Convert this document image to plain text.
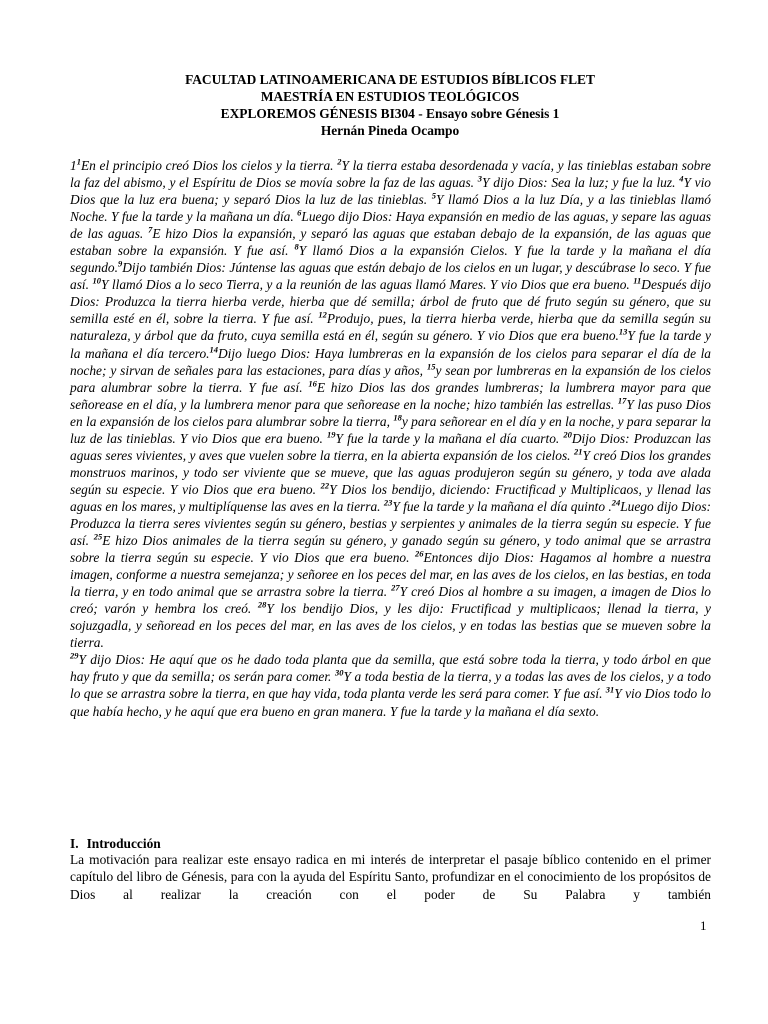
FACULTAD LATINOAMERICANA DE ESTUDIOS BÍBLICOS FLET
MAESTRÍA EN ESTUDIOS TEOLÓGICOS
EXPLOREMOS GÉNESIS BI304 - Ensayo sobre Génesis 1
Hernán Pineda Ocampo

$1^1En$ el principio creó Dios los cielos y la tierra. $^2$Y la tierra estaba desordenada y vacía, y las tinieblas estaban sobre la faz del abismo, y el Espíritu de Dios se movía sobre la faz de las aguas. $^3$Y dijo Dios: Sea la luz; y fue la luz. $^4$Y vio Dios que la luz era buena; y separó Dios la luz de las tinieblas. $^5$Y llamó Dios a la luz Día, y a las tinieblas llamó Noche. Y fue la tarde y la mañana un día. $^6$Luego dijo Dios: Haya expansión en medio de las aguas, y separe las aguas de las aguas. $^7$E hizo Dios la expansión, y separó las aguas que estaban debajo de la expansión, de las aguas que estaban sobre la expansión. Y fue así. $^8$Y llamó Dios a la expansión Cielos. Y fue la tarde y la mañana el día segundo.$^9$Dijo también Dios: Júntense las aguas que están debajo de los cielos en un lugar, y descúbrase lo seco. Y fue así. $^{10}$Y llamó Dios a lo seco Tierra, y a la reunión de las aguas llamó Mares. Y vio Dios que era bueno. $^{11}$Después dijo Dios: Produzca la tierra hierba verde, hierba que dé semilla; árbol de fruto que dé fruto según su género, que su semilla esté en él, sobre la tierra. Y fue así. $^{12}$Produjo, pues, la tierra hierba verde, hierba que da semilla según su naturaleza, y árbol que da fruto, cuya semilla está en él, según su género. Y vio Dios que era bueno.$^{13}$Y fue la tarde y la mañana el día tercero.$^{14}$Dijo luego Dios: Haya lumbreras en la expansión de los cielos para separar el día de la noche; y sirvan de señales para las estaciones, para días y años, $^{15}$y sean por lumbreras en la expansión de los cielos para alumbrar sobre la tierra. Y fue así. $^{16}$E hizo Dios las dos grandes lumbreras; la lumbrera mayor para que señorease en el día, y la lumbrera menor para que señorease en la noche; hizo también las estrellas. $^{17}$Y las puso Dios en la expansión de los cielos para alumbrar sobre la tierra, $^{18}$y para señorear en el día y en la noche, y para separar la luz de las tinieblas. Y vio Dios que era bueno. $^{19}$Y fue la tarde y la mañana el día cuarto. $^{20}$Dijo Dios: Produzcan las aguas seres vivientes, y aves que vuelen sobre la tierra, en la abierta expansión de los cielos. $^{21}$Y creó Dios los grandes monstruos marinos, y todo ser viviente que se mueve, que las aguas produjeron según su género, y toda ave alada según su especie. Y vio Dios que era bueno. $^{22}$Y Dios los bendijo, diciendo: Fructificad y Multiplicaos, y llenad las aguas en los mares, y multiplíquense las aves en la tierra. $^{23}$Y fue la tarde y la mañana el día quinto .$^{24}$Luego dijo Dios: Produzca la tierra seres vivientes según su género, bestias y serpientes y animales de la tierra según su especie. Y fue así. $^{25}$E hizo Dios animales de la tierra según su género, y ganado según su género, y todo animal que se arrastra sobre la tierra según su especie. Y vio Dios que era bueno. $^{26}$Entonces dijo Dios: Hagamos al hombre a nuestra imagen, conforme a nuestra semejanza; y señoree en los peces del mar, en las aves de los cielos, en las bestias, en toda la tierra, y en todo animal que se arrastra sobre la tierra. $^{27}$Y creó Dios al hombre a su imagen, a imagen de Dios lo creó; varón y hembra los creó. $^{28}$Y los bendijo Dios, y les dijo: Fructificad y multiplicaos; llenad la tierra, y sojuzgadla, y señoread en los peces del mar, en las aves de los cielos, y en todas las bestias que se mueven sobre la tierra.

$^{29}$Y dijo Dios: He aquí que os he dado toda planta que da semilla, que está sobre toda la tierra, y todo árbol en que hay fruto y que da semilla; os serán para comer. $^{30}$Y a toda bestia de la tierra, y a todas las aves de los cielos, y a todo lo que se arrastra sobre la tierra, en que hay vida, toda planta verde les será para comer. Y fue así. $^{31}$Y vio Dios todo lo que había hecho, y he aquí que era bueno en gran manera. Y fue la tarde y la mañana el día sexto.

I. Introducción
La motivación para realizar este ensayo radica en mi interés de interpretar el pasaje bíblico contenido en el primer capítulo del libro de Génesis, para con la ayuda del Espíritu Santo, profundizar en el conocimiento de los propósitos de Dios al realizar la creación con el poder de Su Palabra y también
1
